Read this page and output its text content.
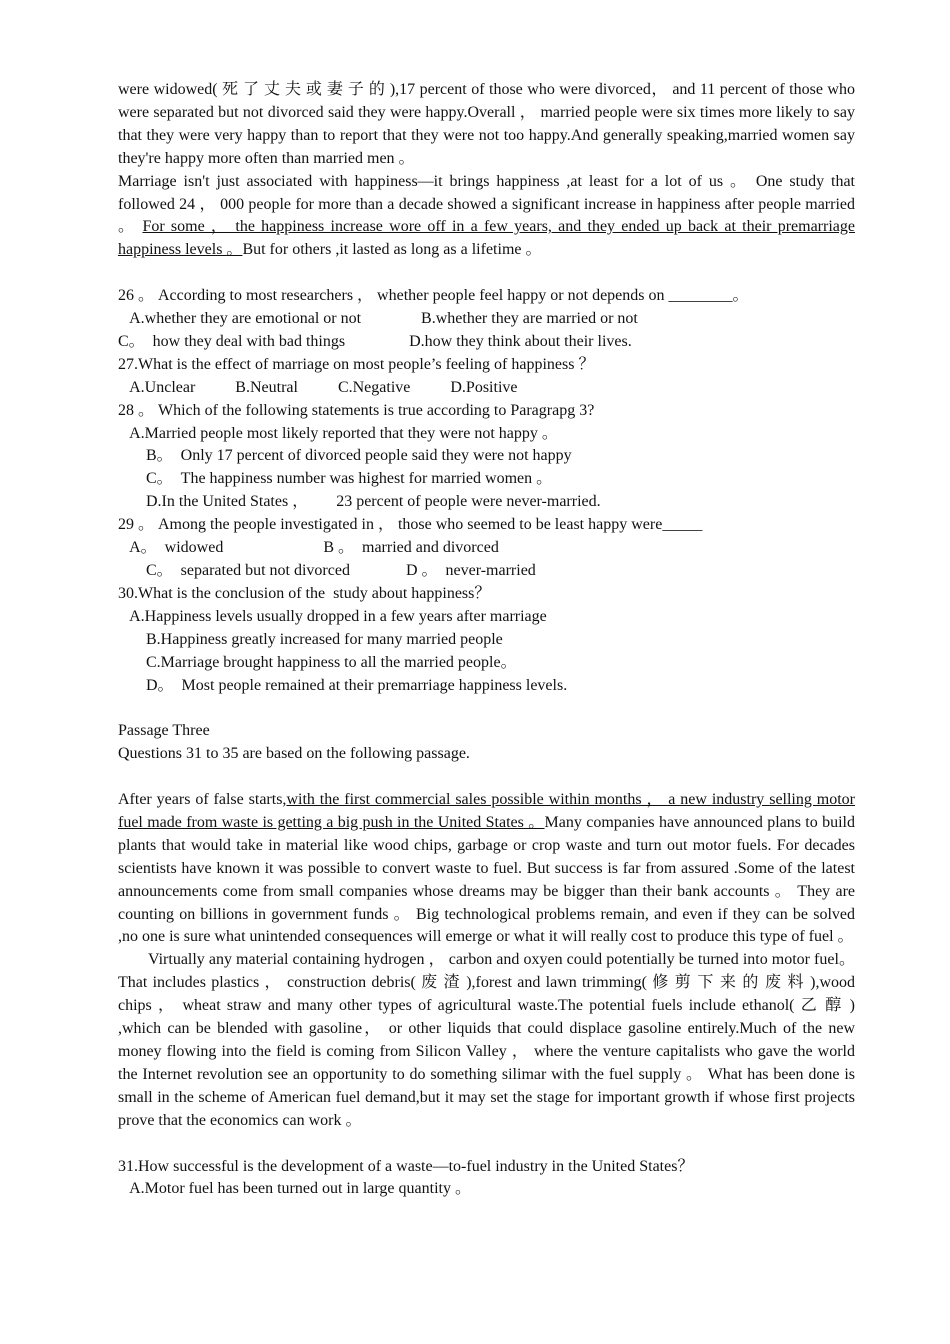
were widowed( 死 了 丈 夫 或 妻 子 的 ),17 percent of those who were divorced， and 11 percent of those who were separated but not divorced said they were happy.Overall ， married people were six times more likely to say that they were very happy than to report that they were not too happy.And generally speaking,married women say they're happy more often than married men 。

Marriage isn't just associated with happiness—it brings happiness ,at least for a lot of us 。 One study that followed 24 ， 000 people for more than a decade showed a significant increase in happiness after people married 。 For some ， the happiness increase wore off in a few years, and they ended up back at their premarriage happiness levels 。But for others ,it lasted as long as a lifetime 。

26 。 According to most researchers ， whether people feel happy or not depends on ________。

A.whether they are emotional or not               B.whether they are married or not

C。  how they deal with bad things                D.how they think about their lives.

27.What is the effect of marriage on most people’s feeling of happiness ？

A.Unclear          B.Neutral          C.Negative          D.Positive

28 。 Which of the following statements is true according to Paragrapg 3?

A.Married people most likely reported that they were not happy 。

B。  Only 17 percent of divorced people said they were not happy

C。  The happiness number was highest for married women 。

D.In the United States ，       23 percent of people were never-married.

29 。 Among the people investigated in ， those who seemed to be least happy were_____

A。  widowed                         B 。  married and divorced

C。  separated but not divorced              D 。  never-married

30.What is the conclusion of the  study about happiness？

A.Happiness levels usually dropped in a few years after marriage

B.Happiness greatly increased for many married people

C.Marriage brought happiness to all the married people。

D。  Most people remained at their premarriage happiness levels.

Passage Three

Questions 31 to 35 are based on the following passage.

After years of false starts,with the first commercial sales possible within months ， a new industry selling motor fuel made from waste is getting a big push in the United States 。Many companies have announced plans to build plants that would take in material like wood chips, garbage or crop waste and turn out motor fuels. For decades scientists have known it was possible to convert waste to fuel. But success is far from assured .Some of the latest announcements come from small companies whose dreams may be bigger than their bank accounts 。 They are counting on billions in government funds 。 Big technological problems remain, and even if they can be solved ,no one is sure what unintended consequences will emerge or what it will really cost to produce this type of fuel 。

Virtually any material containing hydrogen ， carbon and oxyen could potentially be turned into motor fuel。 That includes plastics ， construction debris( 废 渣 ),forest and lawn trimming( 修 剪 下 来 的 废 料 ),wood chips ， wheat straw and many other types of agricultural waste.The potential fuels include ethanol( 乙 醇 ) ,which can be blended with gasoline， or other liquids that could displace gasoline entirely.Much of the new money flowing into the field is coming from Silicon Valley ， where the venture capitalists who gave the world the Internet revolution see an opportunity to do something silimar with the fuel supply 。 What has been done is small in the scheme of American fuel demand,but it may set the stage for important growth if whose first projects prove that the economics can work 。

31.How successful is the development of a waste—to-fuel industry in the United States？

A.Motor fuel has been turned out in large quantity 。
